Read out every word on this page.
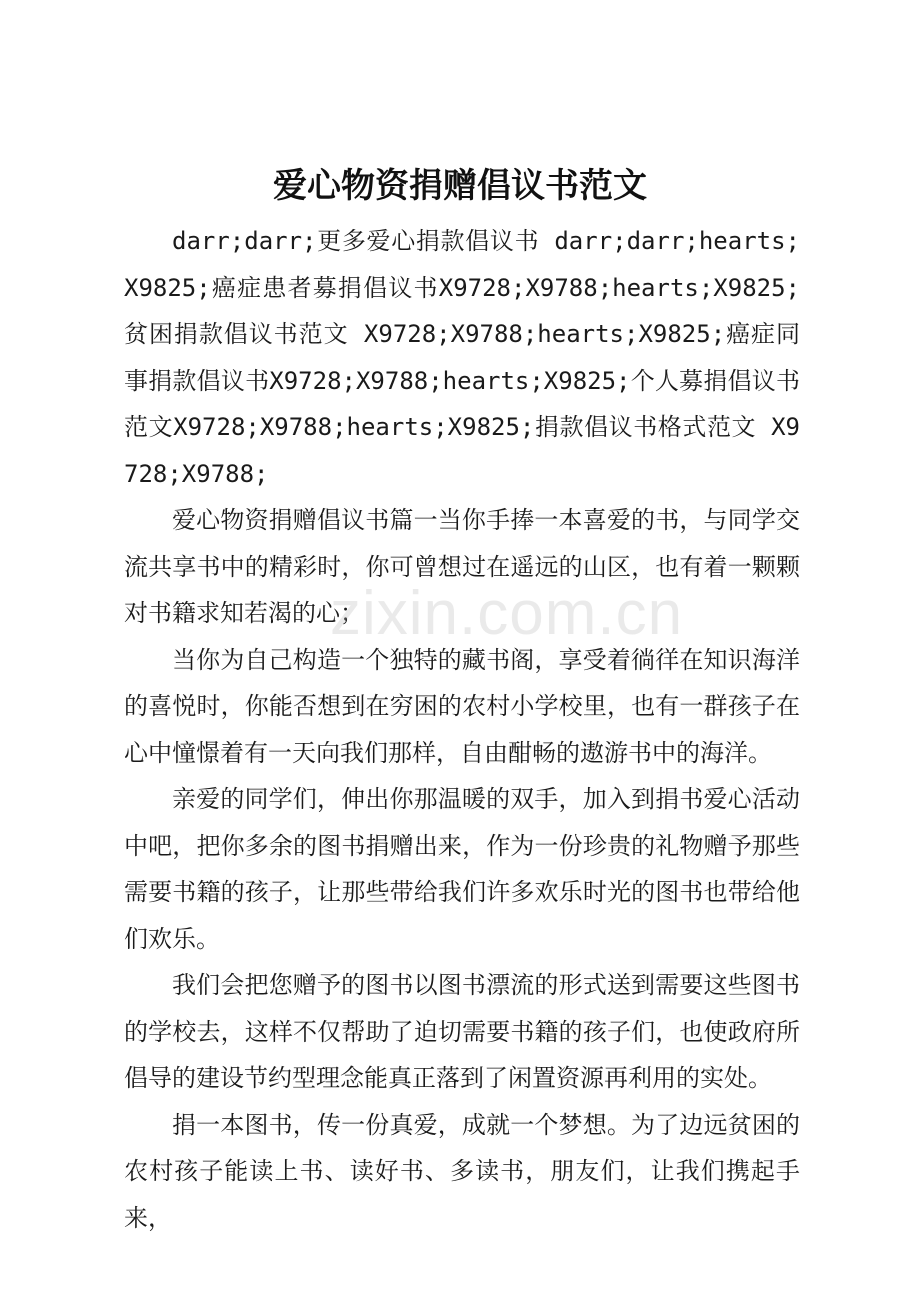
爱心物资捐赠倡议书范文

darr;darr;更多爱心捐款倡议书 darr;darr;hearts;X9825;癌症患者募捐倡议书X9728;X9788;hearts;X9825;贫困捐款倡议书范文 X9728;X9788;hearts;X9825;癌症同事捐款倡议书X9728;X9788;hearts;X9825;个人募捐倡议书范文X9728;X9788;hearts;X9825;捐款倡议书格式范文 X9728;X9788;

爱心物资捐赠倡议书篇一当你手捧一本喜爱的书，与同学交流共享书中的精彩时，你可曾想过在遥远的山区，也有着一颗颗对书籍求知若渴的心；

当你为自己构造一个独特的藏书阁，享受着徜徉在知识海洋的喜悦时，你能否想到在穷困的农村小学校里，也有一群孩子在心中憧憬着有一天向我们那样，自由酣畅的遨游书中的海洋。

亲爱的同学们，伸出你那温暖的双手，加入到捐书爱心活动中吧，把你多余的图书捐赠出来，作为一份珍贵的礼物赠予那些需要书籍的孩子，让那些带给我们许多欢乐时光的图书也带给他们欢乐。

我们会把您赠予的图书以图书漂流的形式送到需要这些图书的学校去，这样不仅帮助了迫切需要书籍的孩子们，也使政府所倡导的建设节约型理念能真正落到了闲置资源再利用的实处。

捐一本图书，传一份真爱，成就一个梦想。为了边远贫困的农村孩子能读上书、读好书、多读书，朋友们，让我们携起手来，

zixin.com.cn
